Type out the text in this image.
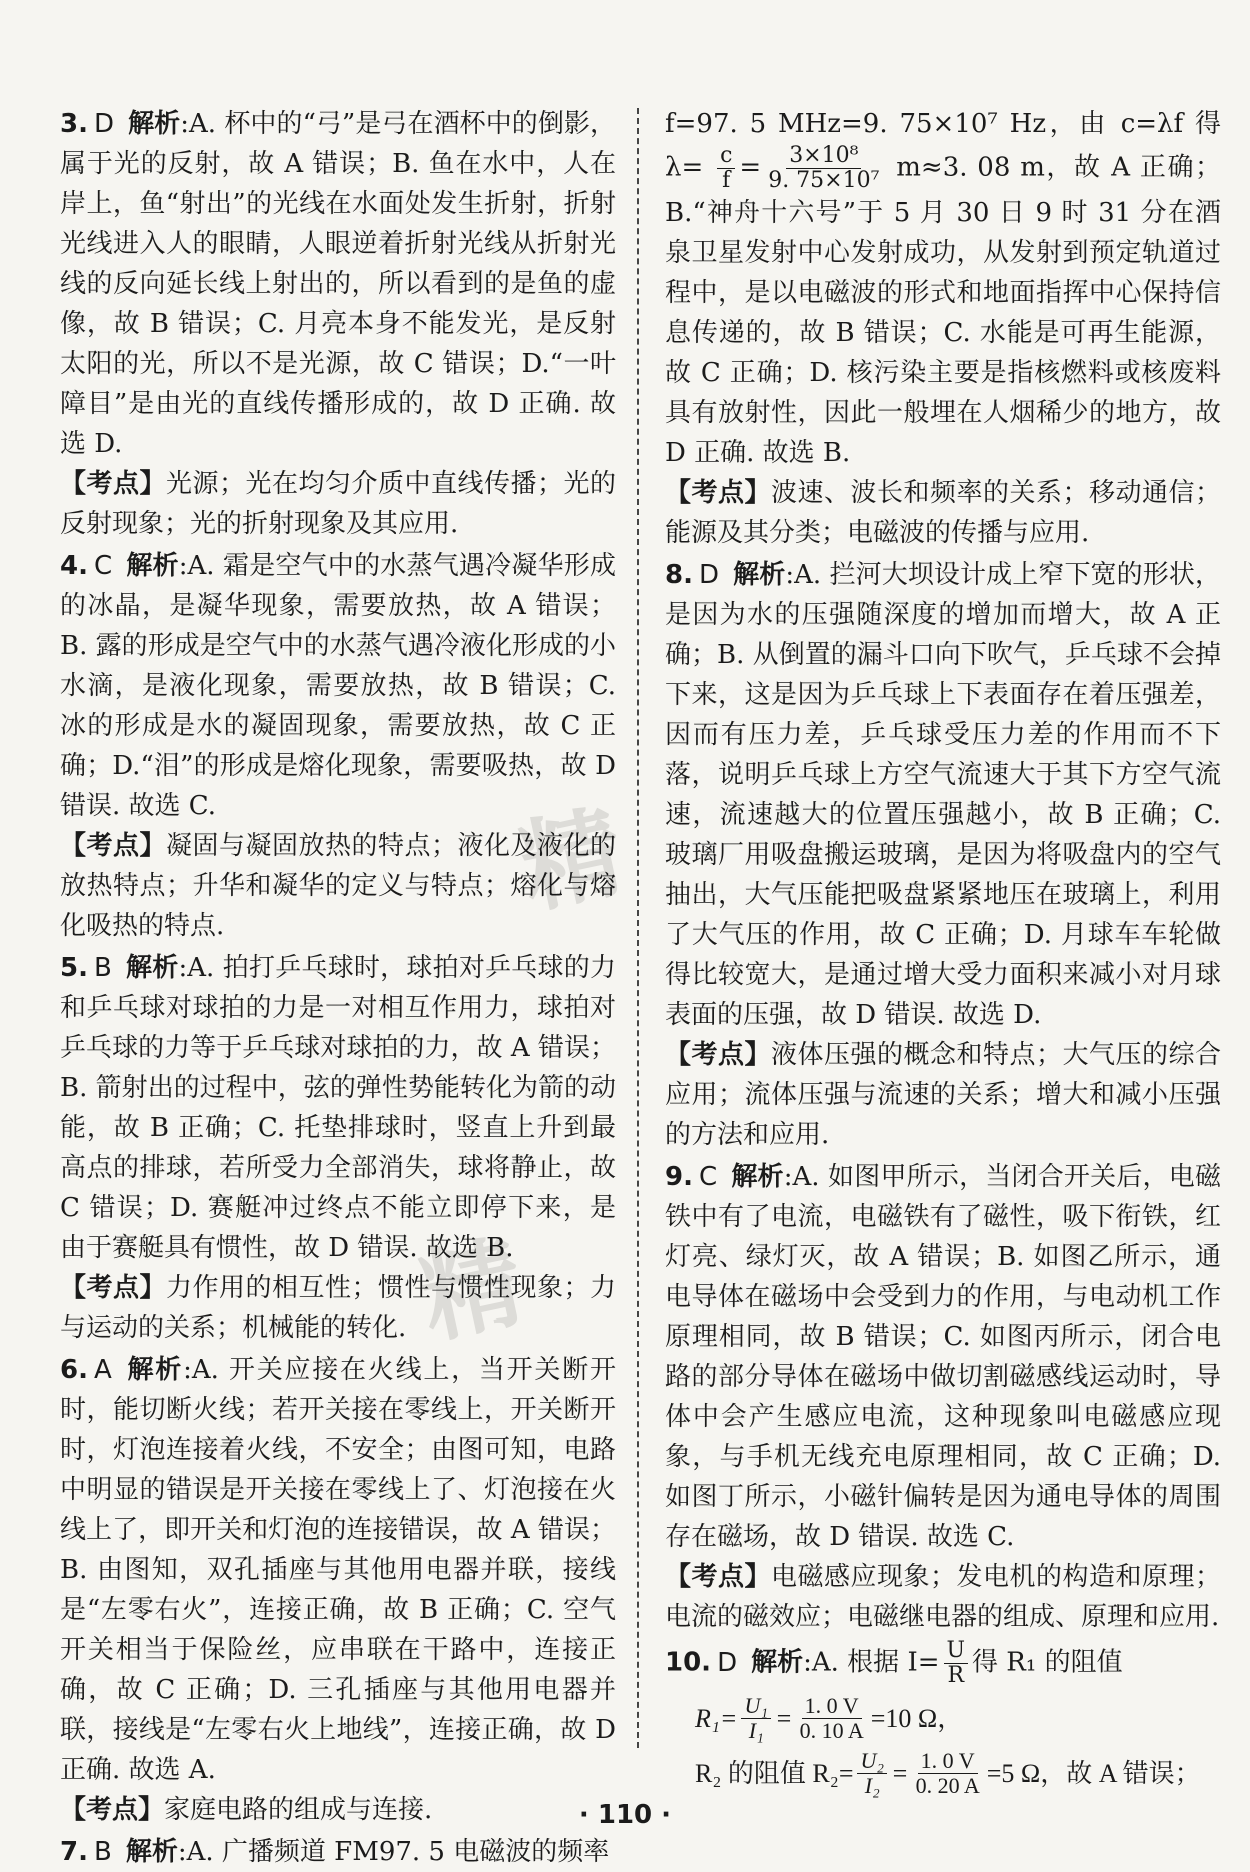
3. D 解析:A. 杯中的“弓”是弓在酒杯中的倒影，属于光的反射，故 A 错误；B. 鱼在水中，人在岸上，鱼“射出”的光线在水面处发生折射，折射光线进入人的眼睛，人眼逆着折射光线从折射光线的反向延长线上射出的，所以看到的是鱼的虚像，故 B 错误；C. 月亮本身不能发光，是反射太阳的光，所以不是光源，故 C 错误；D.“一叶障目”是由光的直线传播形成的，故 D 正确. 故选 D.

【考点】光源；光在均匀介质中直线传播；光的反射现象；光的折射现象及其应用.

4. C 解析:A. 霜是空气中的水蒸气遇冷凝华形成的冰晶，是凝华现象，需要放热，故 A 错误；B. 露的形成是空气中的水蒸气遇冷液化形成的小水滴，是液化现象，需要放热，故 B 错误；C. 冰的形成是水的凝固现象，需要放热，故 C 正确；D.“泪”的形成是熔化现象，需要吸热，故 D 错误. 故选 C.

【考点】凝固与凝固放热的特点；液化及液化的放热特点；升华和凝华的定义与特点；熔化与熔化吸热的特点.

5. B 解析:A. 拍打乒乓球时，球拍对乒乓球的力和乒乓球对球拍的力是一对相互作用力，球拍对乒乓球的力等于乒乓球对球拍的力，故 A 错误；B. 箭射出的过程中，弦的弹性势能转化为箭的动能，故 B 正确；C. 托垫排球时，竖直上升到最高点的排球，若所受力全部消失，球将静止，故 C 错误；D. 赛艇冲过终点不能立即停下来，是由于赛艇具有惯性，故 D 错误. 故选 B.

【考点】力作用的相互性；惯性与惯性现象；力与运动的关系；机械能的转化.

6. A 解析:A. 开关应接在火线上，当开关断开时，能切断火线；若开关接在零线上，开关断开时，灯泡连接着火线，不安全；由图可知，电路中明显的错误是开关接在零线上了、灯泡接在火线上了，即开关和灯泡的连接错误，故 A 错误；B. 由图知，双孔插座与其他用电器并联，接线是“左零右火”，连接正确，故 B 正确；C. 空气开关相当于保险丝，应串联在干路中，连接正确，故 C 正确；D. 三孔插座与其他用电器并联，接线是“左零右火上地线”，连接正确，故 D 正确. 故选 A.

【考点】家庭电路的组成与连接.

7. B 解析:A. 广播频道 FM97. 5 电磁波的频率

f=97. 5 MHz=9. 75×10⁷ Hz，由 c=λf 得 $\lambda= \frac{c}{f} = \frac{\text{3×10⁸}}{\text{9. 75×10⁷}} m\approx 3$. 08 m，故 A 正确；B.“神舟十六号”于 5 月 30 日 9 时 31 分在酒泉卫星发射中心发射成功，从发射到预定轨道过程中，是以电磁波的形式和地面指挥中心保持信息传递的，故 B 错误；C. 水能是可再生能源，故 C 正确；D. 核污染主要是指核燃料或核废料具有放射性，因此一般埋在人烟稀少的地方，故 D 正确. 故选 B.

【考点】波速、波长和频率的关系；移动通信；能源及其分类；电磁波的传播与应用.

8. D 解析:A. 拦河大坝设计成上窄下宽的形状，是因为水的压强随深度的增加而增大，故 A 正确；B. 从倒置的漏斗口向下吹气，乒乓球不会掉下来，这是因为乒乓球上下表面存在着压强差，因而有压力差，乒乓球受压力差的作用而不下落，说明乒乓球上方空气流速大于其下方空气流速，流速越大的位置压强越小，故 B 正确；C. 玻璃厂用吸盘搬运玻璃，是因为将吸盘内的空气抽出，大气压能把吸盘紧紧地压在玻璃上，利用了大气压的作用，故 C 正确；D. 月球车车轮做得比较宽大，是通过增大受力面积来减小对月球表面的压强，故 D 错误. 故选 D.

【考点】液体压强的概念和特点；大气压的综合应用；流体压强与流速的关系；增大和减小压强的方法和应用.

9. C 解析:A. 如图甲所示，当闭合开关后，电磁铁中有了电流，电磁铁有了磁性，吸下衔铁，红灯亮、绿灯灭，故 A 错误；B. 如图乙所示，通电导体在磁场中会受到力的作用，与电动机工作原理相同，故 B 错误；C. 如图丙所示，闭合电路的部分导体在磁场中做切割磁感线运动时，导体中会产生感应电流，这种现象叫电磁感应现象，与手机无线充电原理相同，故 C 正确；D. 如图丁所示，小磁针偏转是因为通电导体的周围存在磁场，故 D 错误. 故选 C.

【考点】电磁感应现象；发电机的构造和原理；电流的磁效应；电磁继电器的组成、原理和应用.

10. D 解析:A. 根据 $I= \frac{U}{R}$ 得 R₁ 的阻值

$R_1= \frac{\text{U₁}}{\text{I₁}} = \frac{1. 0 V}{0. 10 A} =10$ Ω，
R₂ 的阻值 $R_2= \frac{\text{U₂}}{\text{I₂}} = \frac{1. 0 V}{0. 20 A} =5$ Ω，故 A 错误；
精
精
· 110 ·
